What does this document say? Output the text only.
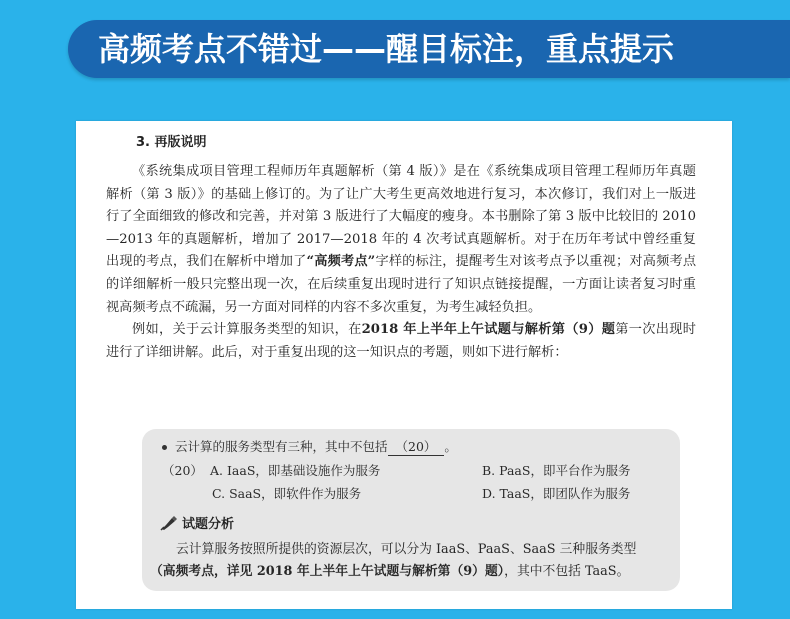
高频考点不错过——醒目标注，重点提示
3. 再版说明

《系统集成项目管理工程师历年真题解析（第 4 版）》是在《系统集成项目管理工程师历年真题解析（第 3 版）》的基础上修订的。为了让广大考生更高效地进行复习，本次修订，我们对上一版进行了全面细致的修改和完善，并对第 3 版进行了大幅度的瘦身。本书删除了第 3 版中比较旧的 2010—2013 年的真题解析，增加了 2017—2018 年的 4 次考试真题解析。对于在历年考试中曾经重复出现的考点，我们在解析中增加了“高频考点”字样的标注，提醒考生对该考点予以重视；对高频考点的详细解析一般只完整出现一次，在后续重复出现时进行了知识点链接提醒，一方面让读者复习时重视高频考点不疏漏，另一方面对同样的内容不多次重复，为考生减轻负担。

例如，关于云计算服务类型的知识，在2018 年上半年上午试题与解析第（9）题第一次出现时进行了详细讲解。此后，对于重复出现的这一知识点的考题，则如下进行解析：

云计算的服务类型有三种，其中不包括 （20） 。
（20） A. IaaS，即基础设施作为服务	B. PaaS，即平台作为服务
C. SaaS，即软件作为服务	D. TaaS，即团队作为服务
试题分析

云计算服务按照所提供的资源层次，可以分为 IaaS、PaaS、SaaS 三种服务类型

（高频考点，详见 2018 年上半年上午试题与解析第（9）题），其中不包括 TaaS。
